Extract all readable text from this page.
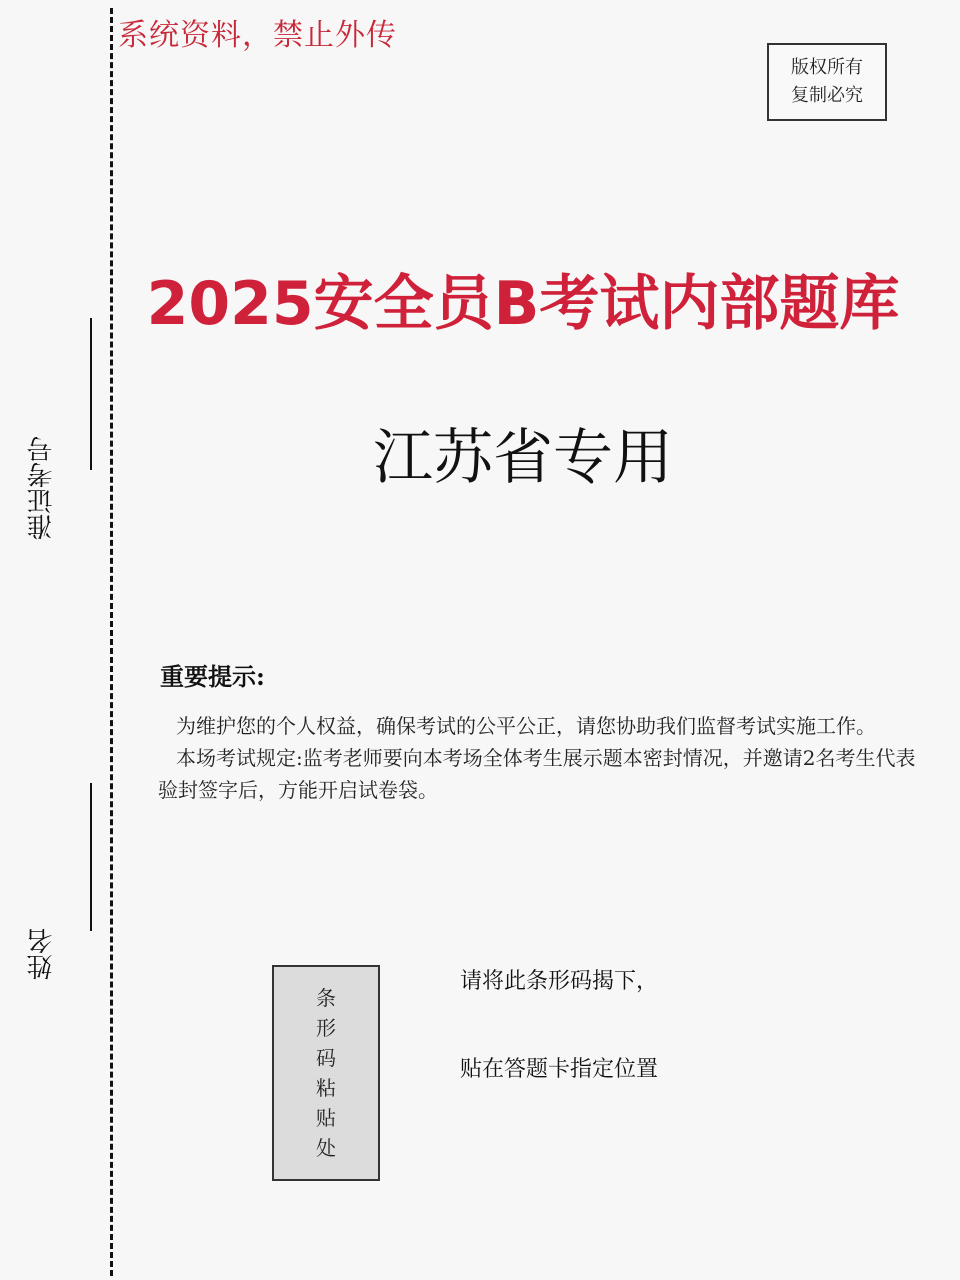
系统资料，禁止外传
版权所有
复制必究
2025安全员B考试内部题库
江苏省专用
准证考号
姓名
重要提示:

为维护您的个人权益，确保考试的公平公正，请您协助我们监督考试实施工作。

本场考试规定:监考老师要向本考场全体考生展示题本密封情况，并邀请2名考生代表验封签字后，方能开启试卷袋。

条形码粘贴处
请将此条形码揭下，
贴在答题卡指定位置
